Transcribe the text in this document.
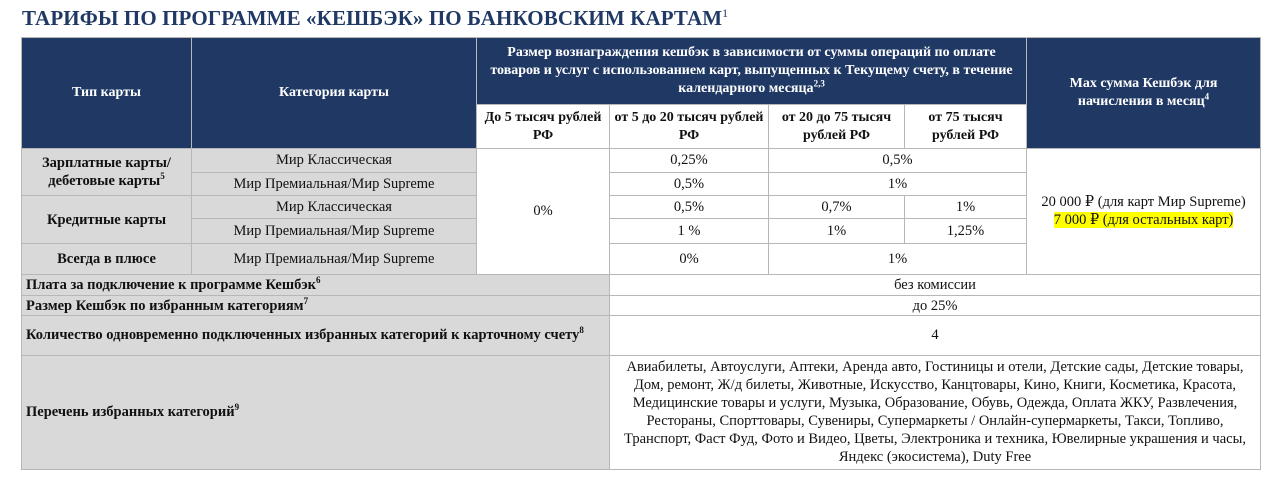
ТАРИФЫ ПО ПРОГРАММЕ «КЕШБЭК» ПО БАНКОВСКИМ КАРТАМ$^1$
Тип карты	Категория карты	Размер вознаграждения кешбэк в зависимости от суммы операций по оплате товаров и услуг с использованием карт, выпущенных к Текущему счету, в течение календарного месяца$^{2,3}$				Max сумма Кешбэк для начисления в месяц$^4$
		До 5 тысяч рублей РФ	от 5 до 20 тысяч рублей РФ	от 20 до 75 тысяч рублей РФ	от 75 тысяч рублей РФ	

Зарплатные карты/ дебетовые карты$^5$	Мир Классическая	0%	0,25%	0,5%		20 000 ₽ (для карт Мир Supreme)
7 000 ₽ (для остальных карт)

	Мир Премиальная/Мир Supreme		0,5%	1%		

Кредитные карты	Мир Классическая		0,5%	0,7%	1%	
	Мир Премиальная/Мир Supreme		1 %	1%	1,25%	

Всегда в плюсе	Мир Премиальная/Мир Supreme		0%	1%		
Плата за подключение к программе Кешбэк$^6$			без комиссии			
Размер Кешбэк по избранным категориям$^7$			до 25%			
Количество одновременно подключенных избранных категорий к карточному счету$^8$			4			
Перечень избранных категорий$^9$			Авиабилеты, Автоуслуги, Аптеки, Аренда авто, Гостиницы и отели, Детские сады, Детские товары, Дом, ремонт, Ж/д билеты, Животные, Искусство, Канцтовары, Кино, Книги, Косметика, Красота, Медицинские товары и услуги, Музыка, Образование, Обувь, Одежда, Оплата ЖКУ, Развлечения, Рестораны, Спорттовары, Сувениры, Супермаркеты / Онлайн-супермаркеты, Такси, Топливо, Транспорт, Фаст Фуд, Фото и Видео, Цветы, Электроника и техника, Ювелирные украшения и часы, Яндекс (экосистема), Duty Free			
